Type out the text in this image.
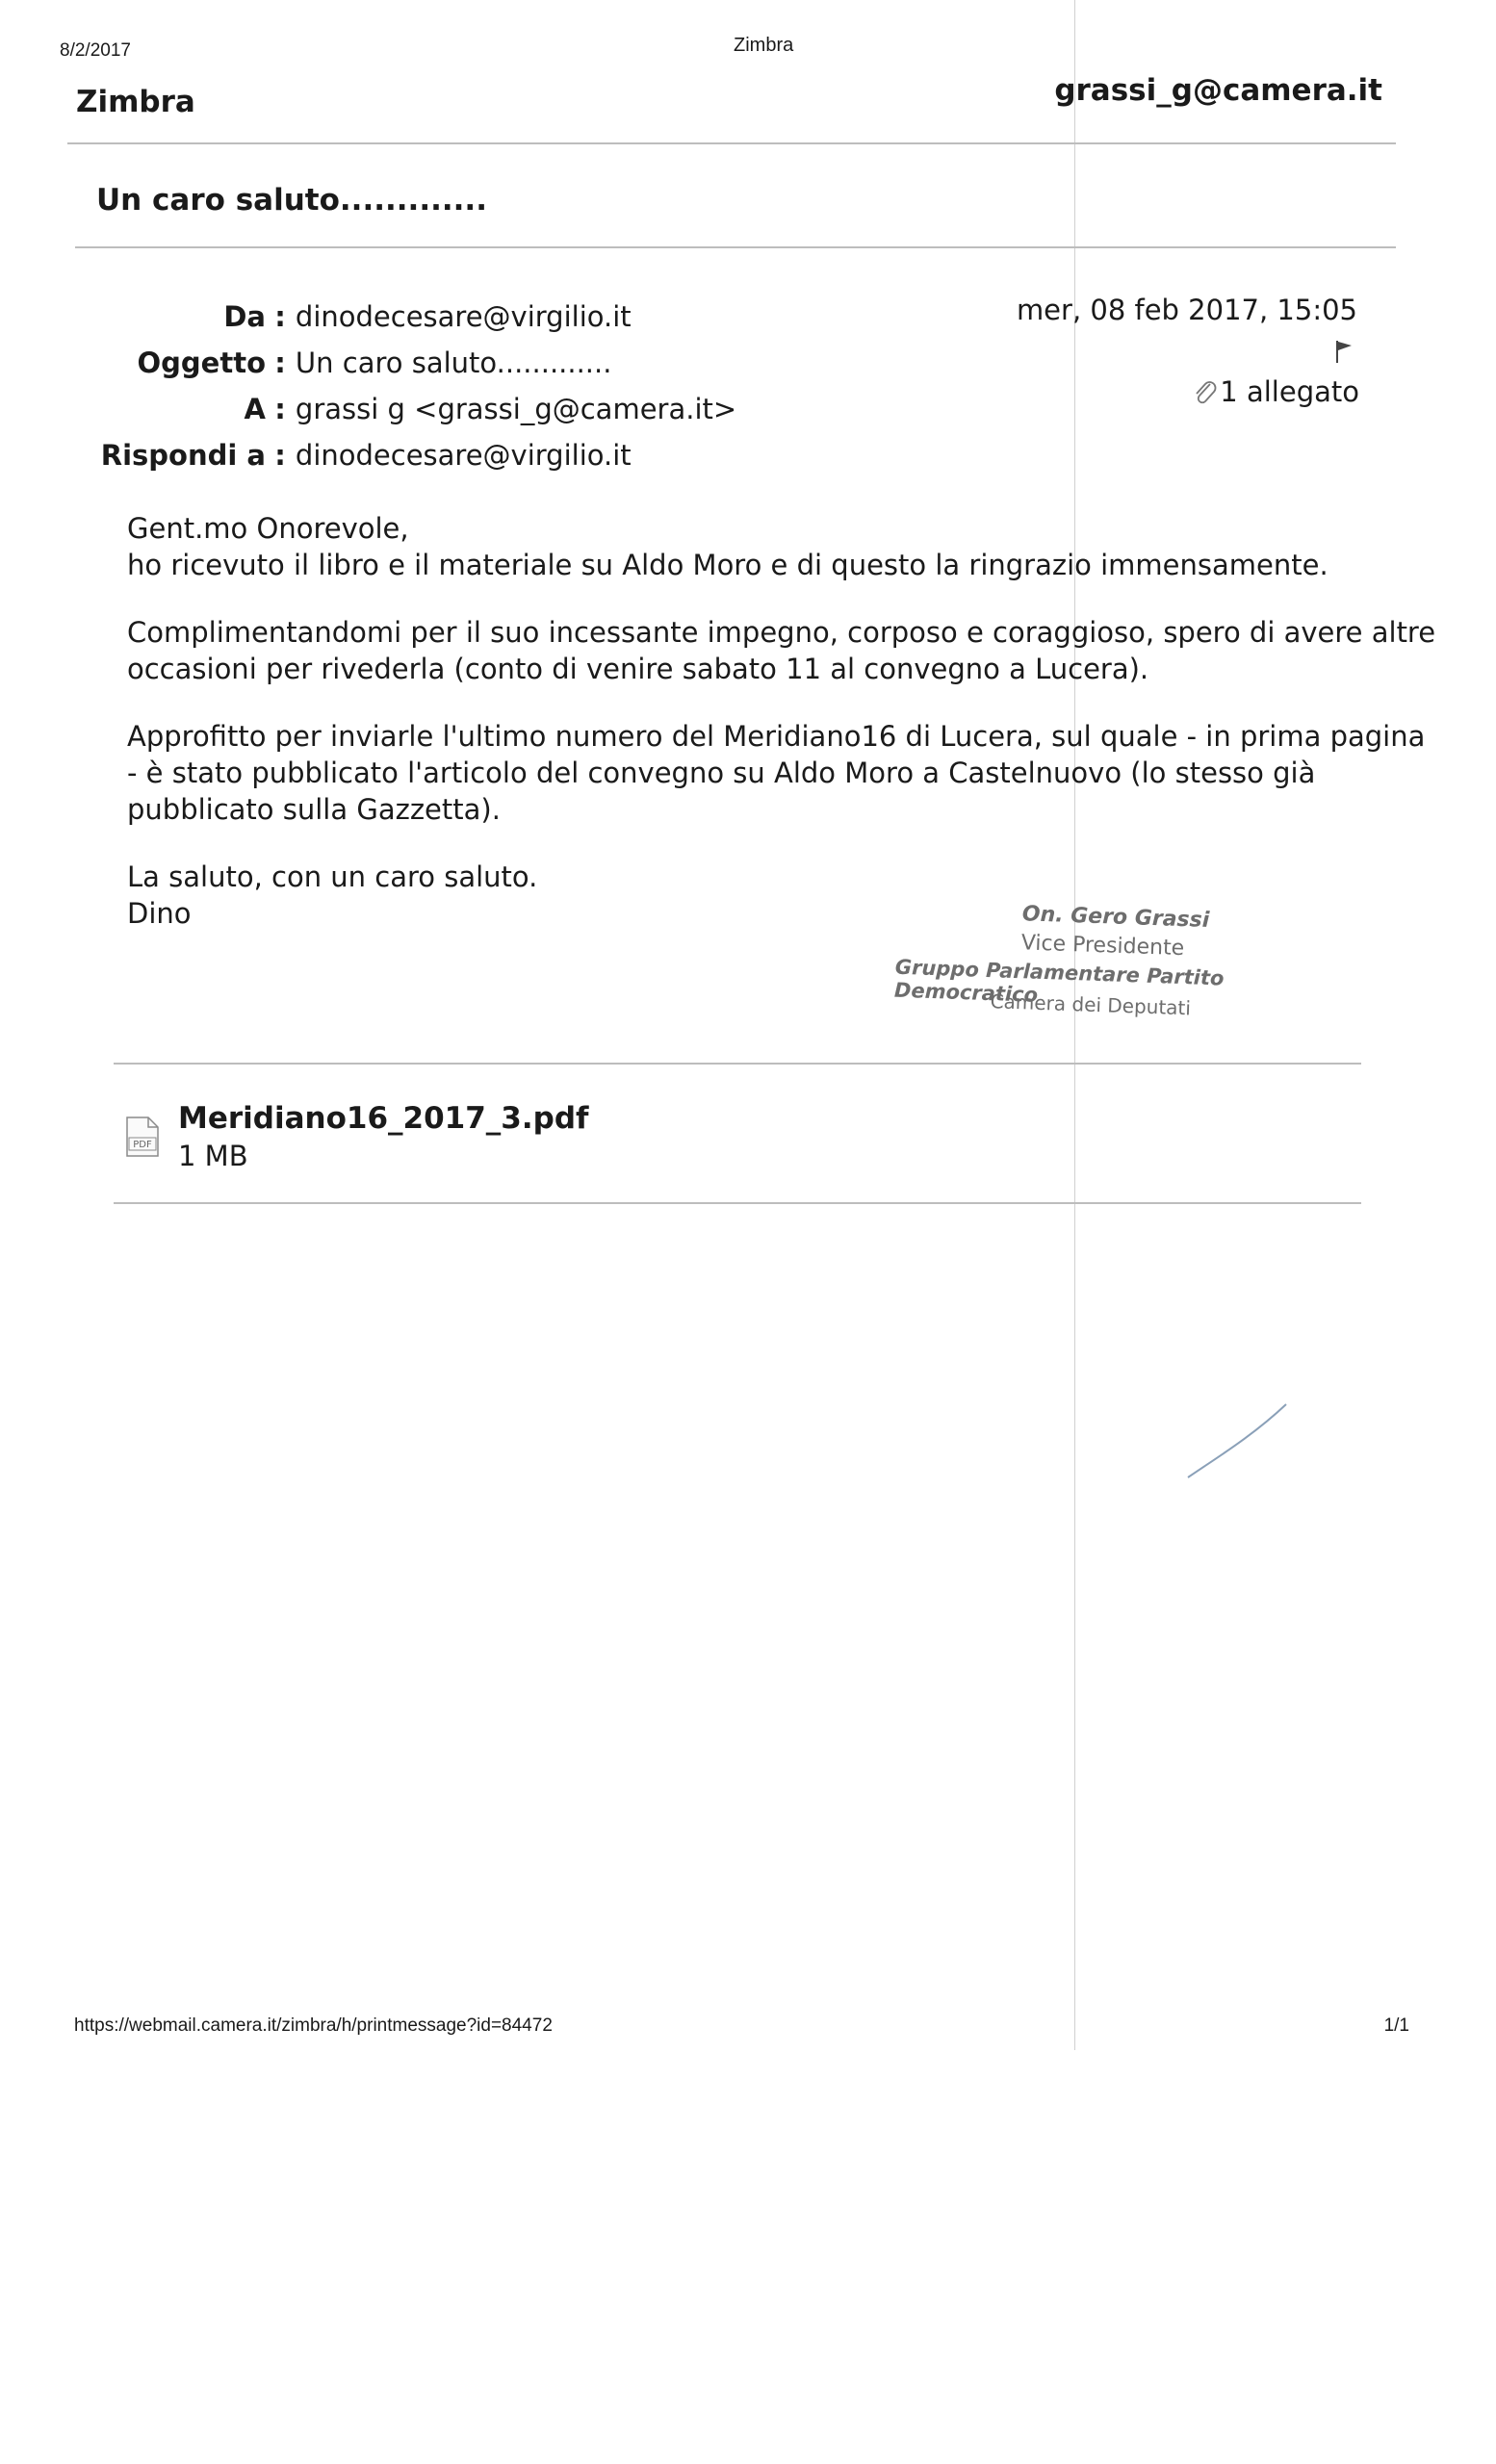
8/2/2017	Zimbra
Zimbra	grassi_g@camera.it
Un caro saluto.............
Da : dinodecesare@virgilio.it
Oggetto : Un caro saluto.............
A : grassi g <grassi_g@camera.it>
Rispondi a : dinodecesare@virgilio.it
mer, 08 feb 2017, 15:05
1 allegato

Gent.mo Onorevole,
ho ricevuto il libro e il materiale su Aldo Moro e di questo la ringrazio immensamente.

Complimentandomi per il suo incessante impegno, corposo e coraggioso, spero di avere altre
occasioni per rivederla (conto di venire sabato 11 al convegno a Lucera).

Approfitto per inviarle l'ultimo numero del Meridiano16 di Lucera, sul quale - in prima pagina
- è stato pubblicato l'articolo del convegno su Aldo Moro a Castelnuovo (lo stesso già
pubblicato sulla Gazzetta).

La saluto, con un caro saluto.
Dino	On. Gero Grassi
Vice Presidente
Gruppo Parlamentare Partito Democratico
Camera dei Deputati
PDF
Meridiano16_2017_3.pdf
1 MB
https://webmail.camera.it/zimbra/h/printmessage?id=84472	1/1
